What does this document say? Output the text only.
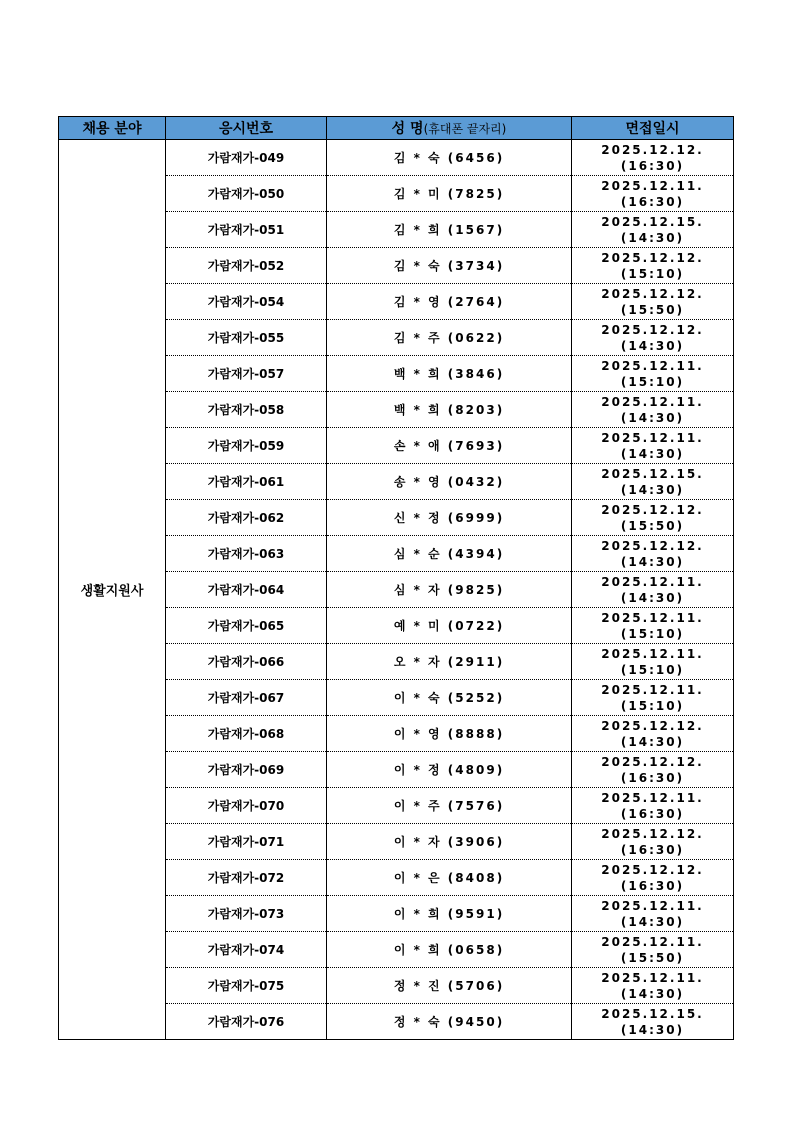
채용 분야	응시번호	성 명(휴대폰 끝자리)	면접일시
생활지원사	가람재가-049	김 * 숙 (6456)	2025.12.12.
(16:30)

	가람재가-050	김 * 미 (7825)	2025.12.11.
(16:30)

	가람재가-051	김 * 희 (1567)	2025.12.15.
(14:30)

	가람재가-052	김 * 숙 (3734)	2025.12.12.
(15:10)

	가람재가-054	김 * 영 (2764)	2025.12.12.
(15:50)

	가람재가-055	김 * 주 (0622)	2025.12.12.
(14:30)

	가람재가-057	백 * 희 (3846)	2025.12.11.
(15:10)

	가람재가-058	백 * 희 (8203)	2025.12.11.
(14:30)

	가람재가-059	손 * 애 (7693)	2025.12.11.
(14:30)

	가람재가-061	송 * 영 (0432)	2025.12.15.
(14:30)

	가람재가-062	신 * 정 (6999)	2025.12.12.
(15:50)

	가람재가-063	심 * 순 (4394)	2025.12.12.
(14:30)

	가람재가-064	심 * 자 (9825)	2025.12.11.
(14:30)

	가람재가-065	예 * 미 (0722)	2025.12.11.
(15:10)

	가람재가-066	오 * 자 (2911)	2025.12.11.
(15:10)

	가람재가-067	이 * 숙 (5252)	2025.12.11.
(15:10)

	가람재가-068	이 * 영 (8888)	2025.12.12.
(14:30)

	가람재가-069	이 * 정 (4809)	2025.12.12.
(16:30)

	가람재가-070	이 * 주 (7576)	2025.12.11.
(16:30)

	가람재가-071	이 * 자 (3906)	2025.12.12.
(16:30)

	가람재가-072	이 * 은 (8408)	2025.12.12.
(16:30)

	가람재가-073	이 * 희 (9591)	2025.12.11.
(14:30)

	가람재가-074	이 * 희 (0658)	2025.12.11.
(15:50)

	가람재가-075	정 * 진 (5706)	2025.12.11.
(14:30)

	가람재가-076	정 * 숙 (9450)	2025.12.15.
(14:30)
